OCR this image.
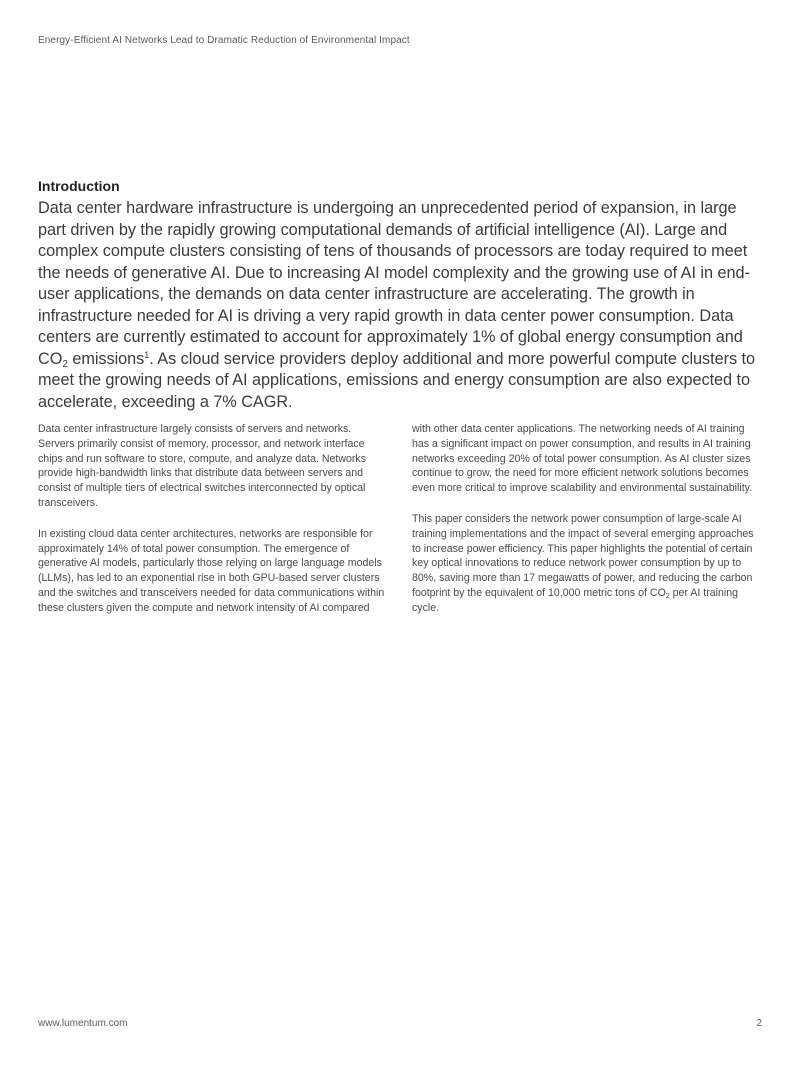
Energy-Efficient AI Networks Lead to Dramatic Reduction of Environmental Impact
Introduction

Data center hardware infrastructure is undergoing an unprecedented period of expansion, in large part driven by the rapidly growing computational demands of artificial intelligence (AI). Large and complex compute clusters consisting of tens of thousands of processors are today required to meet the needs of generative AI. Due to increasing AI model complexity and the growing use of AI in end-user applications, the demands on data center infrastructure are accelerating. The growth in infrastructure needed for AI is driving a very rapid growth in data center power consumption. Data centers are currently estimated to account for approximately 1% of global energy consumption and $CO_2$ emissions$^1$. As cloud service providers deploy additional and more powerful compute clusters to meet the growing needs of AI applications, emissions and energy consumption are also expected to accelerate, exceeding a 7% CAGR.

Data center infrastructure largely consists of servers and networks. Servers primarily consist of memory, processor, and network interface chips and run software to store, compute, and analyze data. Networks provide high-bandwidth links that distribute data between servers and consist of multiple tiers of electrical switches interconnected by optical transceivers.

In existing cloud data center architectures, networks are responsible for approximately 14% of total power consumption. The emergence of generative AI models, particularly those relying on large language models (LLMs), has led to an exponential rise in both GPU-based server clusters and the switches and transceivers needed for data communications within these clusters given the compute and network intensity of AI compared

with other data center applications. The networking needs of AI training has a significant impact on power consumption, and results in AI training networks exceeding 20% of total power consumption. As AI cluster sizes continue to grow, the need for more efficient network solutions becomes even more critical to improve scalability and environmental sustainability.

This paper considers the network power consumption of large-scale AI training implementations and the impact of several emerging approaches to increase power efficiency. This paper highlights the potential of certain key optical innovations to reduce network power consumption by up to 80%, saving more than 17 megawatts of power, and reducing the carbon footprint by the equivalent of 10,000 metric tons of $CO_2$ per AI training cycle.

www.lumentum.com	2
